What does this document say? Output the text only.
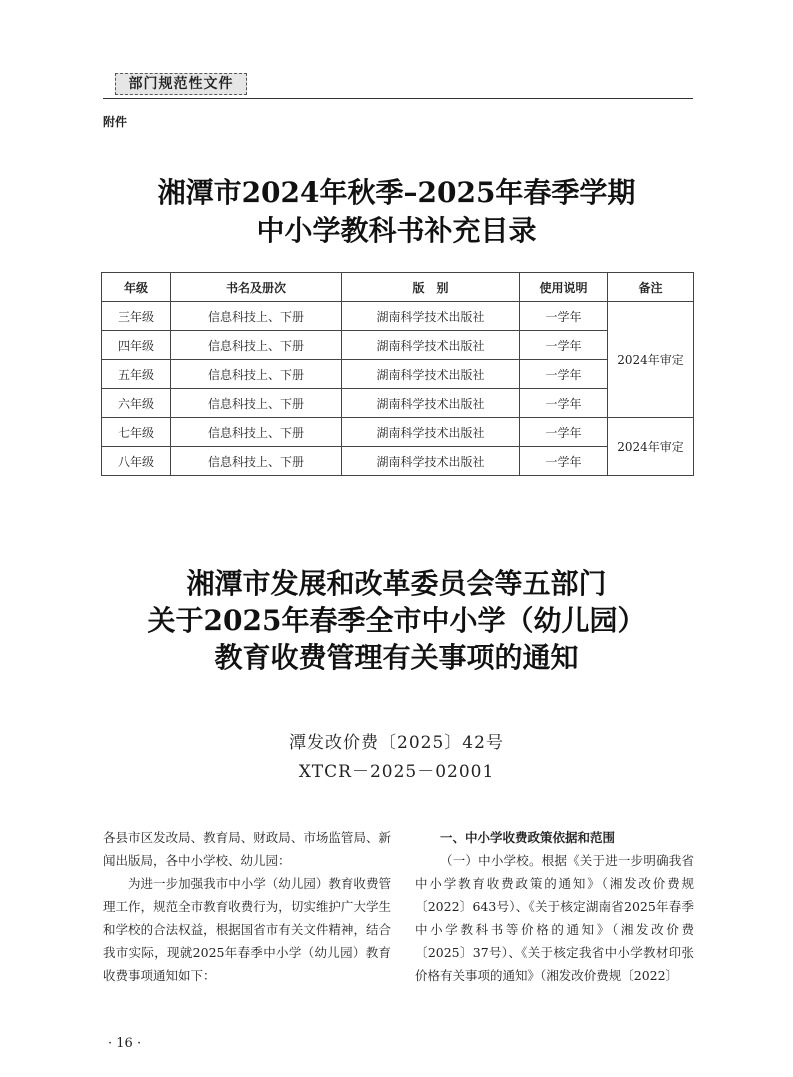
部门规范性文件
附件
湘潭市2024年秋季–2025年春季学期
中小学教科书补充目录
年级	书名及册次	版　别	使用说明	备注
三年级	信息科技上、下册	湖南科学技术出版社	一学年	2024年审定
四年级	信息科技上、下册	湖南科学技术出版社	一学年	
五年级	信息科技上、下册	湖南科学技术出版社	一学年	
六年级	信息科技上、下册	湖南科学技术出版社	一学年	
七年级	信息科技上、下册	湖南科学技术出版社	一学年	2024年审定
八年级	信息科技上、下册	湖南科学技术出版社	一学年	
湘潭市发展和改革委员会等五部门
关于2025年春季全市中小学（幼儿园）
教育收费管理有关事项的通知
潭发改价费〔2025〕42号
XTCR－2025－02001

各县市区发改局、教育局、财政局、市场监管局、新闻出版局，各中小学校、幼儿园：

为进一步加强我市中小学（幼儿园）教育收费管理工作，规范全市教育收费行为，切实维护广大学生和学校的合法权益，根据国省市有关文件精神，结合我市实际，现就2025年春季中小学（幼儿园）教育收费事项通知如下：

一、中小学收费政策依据和范围

（一）中小学校。根据《关于进一步明确我省中小学教育收费政策的通知》（湘发改价费规〔2022〕643号）、《关于核定湖南省2025年春季中小学教科书等价格的通知》（湘发改价费〔2025〕37号）、《关于核定我省中小学教材印张价格有关事项的通知》（湘发改价费规〔2022〕

· 16 ·
